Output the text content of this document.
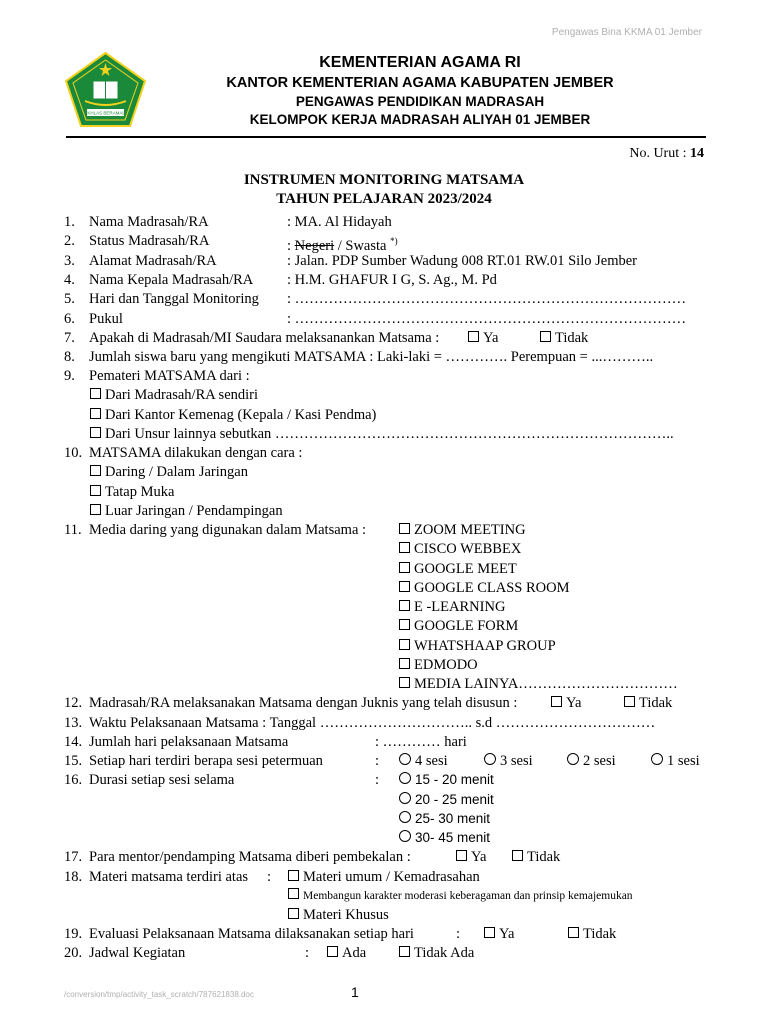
Pengawas Bina KKMA 01 Jember
IKHLAS BERAMAL
KEMENTERIAN AGAMA RI
KANTOR KEMENTERIAN AGAMA KABUPATEN JEMBER
PENGAWAS PENDIDIKAN MADRASAH
KELOMPOK KERJA MADRASAH ALIYAH 01 JEMBER
No. Urut : 14
INSTRUMEN MONITORING MATSAMA
TAHUN PELAJARAN 2023/2024
1. Nama Madrasah/RA	: MA. Al Hidayah
2. Status Madrasah/RA	: Negeri / Swasta *)
3. Alamat Madrasah/RA	: Jalan. PDP Sumber Wadung 008 RT.01 RW.01 Silo Jember
4. Nama Kepala Madrasah/RA : H.M. GHAFUR I G, S. Ag., M. Pd
5. Hari dan Tanggal Monitoring : ………………………………………………………………………
6. Pukul	: ………………………………………………………………………
7. Apakah di Madrasah/MI Saudara melaksanankan Matsama :	Ya	Tidak
8. Jumlah siswa baru yang mengikuti MATSAMA : Laki-laki = …………. Perempuan = ...………..
9. Pemateri MATSAMA dari :
Dari Madrasah/RA sendiri
Dari Kantor Kemenag (Kepala / Kasi Pendma)
Dari Unsur lainnya sebutkan ………………………………………………………………………..
10. MATSAMA dilakukan dengan cara :
Daring / Dalam Jaringan
Tatap Muka
Luar Jaringan / Pendampingan
11. Media daring yang digunakan dalam Matsama :	ZOOM MEETING
CISCO WEBBEX
GOOGLE MEET
GOOGLE CLASS ROOM
E -LEARNING
GOOGLE FORM
WHATSHAAP GROUP
EDMODO
MEDIA LAINYA……………………………
12. Madrasah/RA melaksanakan Matsama dengan Juknis yang telah disusun :	Ya	Tidak
13. Waktu Pelaksanaan Matsama : Tanggal ………………………….. s.d ……………………………
14. Jumlah hari pelaksanaan Matsama	: ………… hari
15. Setiap hari terdiri berapa sesi petermuan	:	4 sesi	3 sesi	2 sesi	1 sesi
16. Durasi setiap sesi selama	:	15 - 20 menit
20 - 25 menit
25- 30 menit
30- 45 menit
17. Para mentor/pendamping Matsama diberi pembekalan :	Ya	Tidak
18. Materi matsama terdiri atas :	Materi umum / Kemadrasahan
Membangun karakter moderasi keberagaman dan prinsip kemajemukan
Materi Khusus
19. Evaluasi Pelaksanaan Matsama dilaksanakan setiap hari	:	Ya	Tidak
20. Jadwal Kegiatan	:	Ada	Tidak Ada
/conversion/tmp/activity_task_scratch/787621838.doc	1
